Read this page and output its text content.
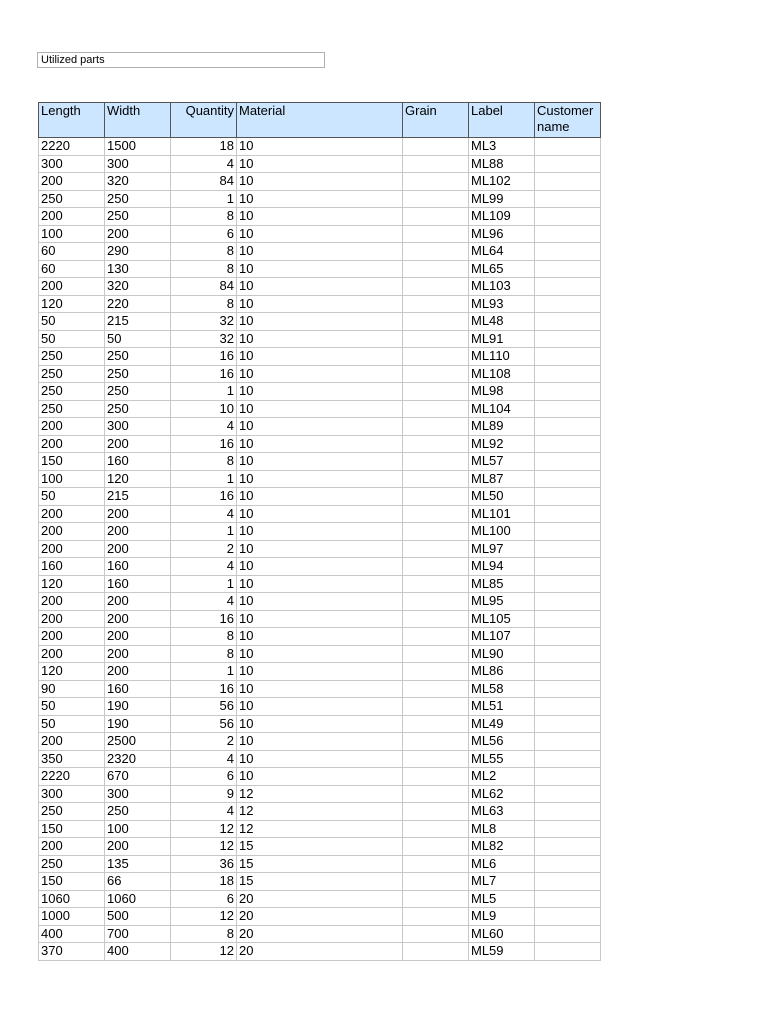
Utilized parts
Length	Width	Quantity	Material	Grain	Label	Customer name
2220	1500	18	10		ML3	
300	300	4	10		ML88	
200	320	84	10		ML102	
250	250	1	10		ML99	
200	250	8	10		ML109	
100	200	6	10		ML96	
60	290	8	10		ML64	
60	130	8	10		ML65	
200	320	84	10		ML103	
120	220	8	10		ML93	
50	215	32	10		ML48	
50	50	32	10		ML91	
250	250	16	10		ML110	
250	250	16	10		ML108	
250	250	1	10		ML98	
250	250	10	10		ML104	
200	300	4	10		ML89	
200	200	16	10		ML92	
150	160	8	10		ML57	
100	120	1	10		ML87	
50	215	16	10		ML50	
200	200	4	10		ML101	
200	200	1	10		ML100	
200	200	2	10		ML97	
160	160	4	10		ML94	
120	160	1	10		ML85	
200	200	4	10		ML95	
200	200	16	10		ML105	
200	200	8	10		ML107	
200	200	8	10		ML90	
120	200	1	10		ML86	
90	160	16	10		ML58	
50	190	56	10		ML51	
50	190	56	10		ML49	
200	2500	2	10		ML56	
350	2320	4	10		ML55	
2220	670	6	10		ML2	
300	300	9	12		ML62	
250	250	4	12		ML63	
150	100	12	12		ML8	
200	200	12	15		ML82	
250	135	36	15		ML6	
150	66	18	15		ML7	
1060	1060	6	20		ML5	
1000	500	12	20		ML9	
400	700	8	20		ML60	
370	400	12	20		ML59	
